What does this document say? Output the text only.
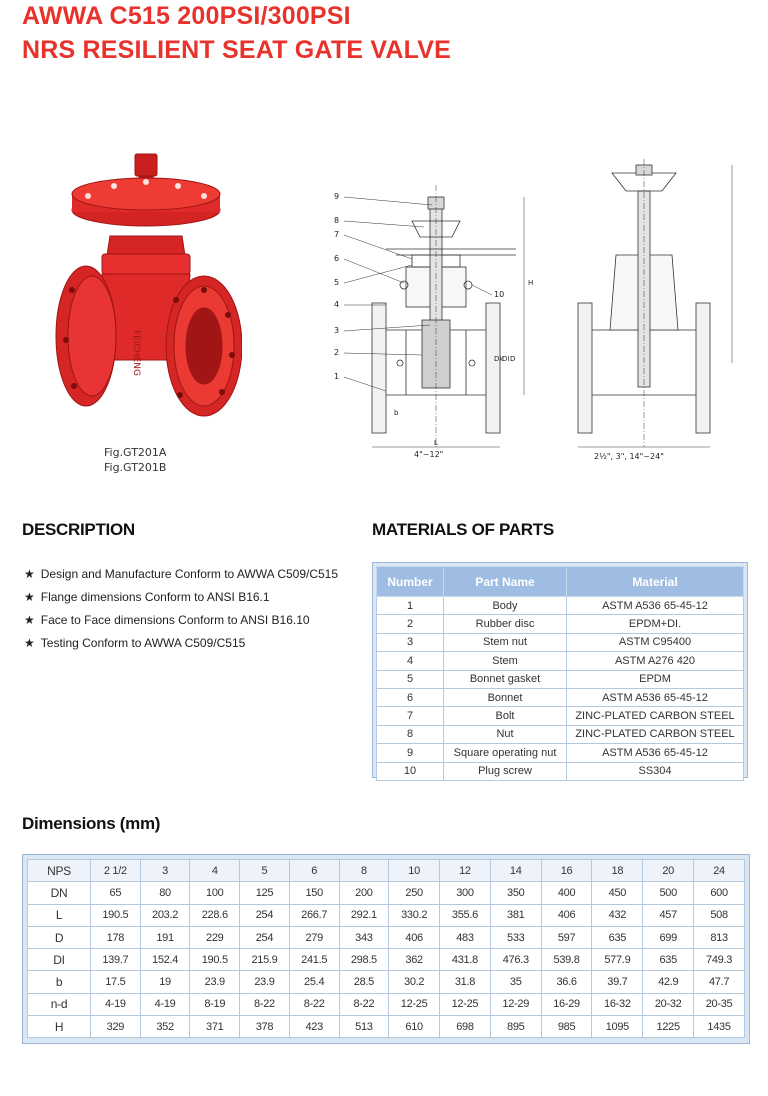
AWWA C515 200PSI/300PSI
NRS RESILIENT SEAT GATE VALVE
FEICHENG
Fig.GT201A
Fig.GT201B
9
8
7
6
5
4
3
2
1
10
L
4"~12"
H
D
DI
Dk
b
2½", 3", 14"~24"
DESCRIPTION	MATERIALS OF PARTS
★ Design and Manufacture Conform to AWWA C509/C515
★ Flange dimensions Conform to ANSI B16.1
★ Face to Face dimensions Conform to ANSI B16.10
★ Testing Conform to AWWA C509/C515
Number	Part Name	Material
1	Body	ASTM A536 65-45-12
2	Rubber disc	EPDM+DI.
3	Stem nut	ASTM C95400
4	Stem	ASTM A276 420
5	Bonnet gasket	EPDM
6	Bonnet	ASTM A536 65-45-12
7	Bolt	ZINC-PLATED CARBON STEEL
8	Nut	ZINC-PLATED CARBON STEEL
9	Square operating nut	ASTM A536 65-45-12
10	Plug screw	SS304
Dimensions (mm)
NPS	2 1/2	3	4	5	6	8	10	12	14	16	18	20	24
DN	65	80	100	125	150	200	250	300	350	400	450	500	600
L	190.5	203.2	228.6	254	266.7	292.1	330.2	355.6	381	406	432	457	508
D	178	191	229	254	279	343	406	483	533	597	635	699	813
DI	139.7	152.4	190.5	215.9	241.5	298.5	362	431.8	476.3	539.8	577.9	635	749.3
b	17.5	19	23.9	23.9	25.4	28.5	30.2	31.8	35	36.6	39.7	42.9	47.7
n-d	4-19	4-19	8-19	8-22	8-22	8-22	12-25	12-25	12-29	16-29	16-32	20-32	20-35
H	329	352	371	378	423	513	610	698	895	985	1095	1225	1435
